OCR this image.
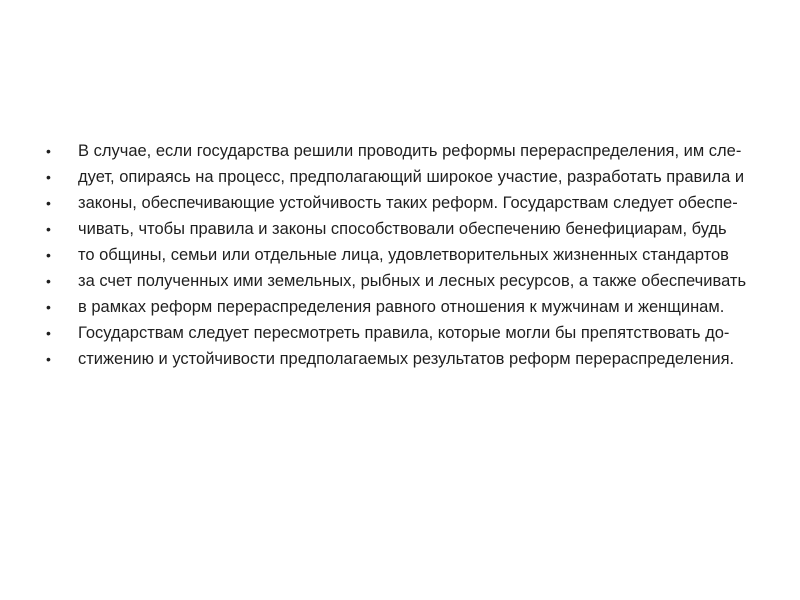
• В случае, если государства решили проводить реформы перераспределения, им сле-
• дует, опираясь на процесс, предполагающий широкое участие, разработать правила и
• законы, обеспечивающие устойчивость таких реформ. Государствам следует обеспе-
• чивать, чтобы правила и законы способствовали обеспечению бенефициарам, будь
• то общины, семьи или отдельные лица, удовлетворительных жизненных стандартов
• за счет полученных ими земельных, рыбных и лесных ресурсов, а также обеспечивать
• в рамках реформ перераспределения равного отношения к мужчинам и женщинам.
• Государствам следует пересмотреть правила, которые могли бы препятствовать до-
• стижению и устойчивости предполагаемых результатов реформ перераспределения.
